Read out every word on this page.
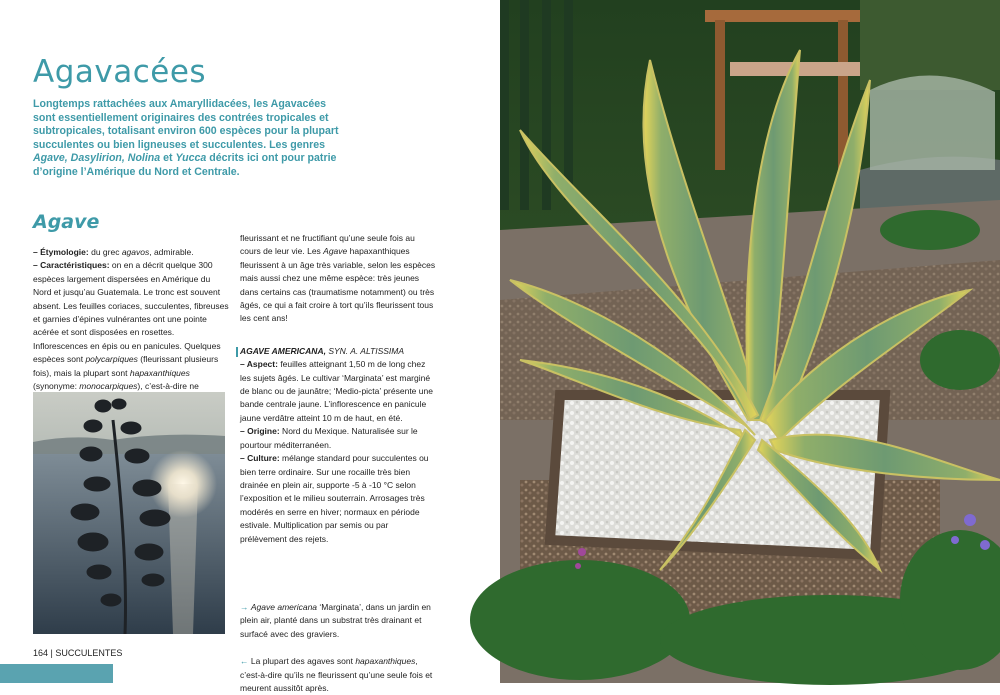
Agavacées

Longtemps rattachées aux Amaryllidacées, les Agavacées sont essentiellement originaires des contrées tropicales et subtropicales, totalisant environ 600 espèces pour la plupart succulentes ou bien ligneuses et succulentes. Les genres Agave, Dasylirion, Nolina et Yucca décrits ici ont pour patrie d’origine l’Amérique du Nord et Centrale.

Agave

– Étymologie: du grec agavos, admirable.

– Caractéristiques: on en a décrit quelque 300 espèces largement dispersées en Amérique du Nord et jusqu’au Guatemala. Le tronc est souvent absent. Les feuilles coriaces, succulentes, fibreuses et garnies d’épines vulnérantes ont une pointe acérée et sont disposées en rosettes. Inflorescences en épis ou en panicules. Quelques espèces sont polycarpiques (fleurissant plusieurs fois), mais la plupart sont hapaxanthiques (synonyme: monocarpiques), c’est-à-dire ne

fleurissant et ne fructifiant qu’une seule fois au cours de leur vie. Les Agave hapaxanthiques fleurissent à un âge très variable, selon les espèces mais aussi chez une même espèce: très jeunes dans certains cas (traumatisme notamment) ou très âgés, ce qui a fait croire à tort qu’ils fleurissent tous les cent ans!

AGAVE AMERICANA, SYN. A. ALTISSIMA

– Aspect: feuilles atteignant 1,50 m de long chez les sujets âgés. Le cultivar ‘Marginata’ est marginé de blanc ou de jaunâtre; ‘Medio-picta’ présente une bande centrale jaune. L’inflorescence en panicule jaune verdâtre atteint 10 m de haut, en été.

– Origine: Nord du Mexique. Naturalisée sur le pourtour méditerranéen.

– Culture: mélange standard pour succulentes ou bien terre ordinaire. Sur une rocaille très bien drainée en plein air, supporte -5 à -10 °C selon l’exposition et le milieu souterrain. Arrosages très modérés en serre en hiver; normaux en période estivale. Multiplication par semis ou par prélèvement des rejets.

→ Agave americana ‘Marginata’, dans un jardin en plein air, planté dans un substrat très drainant et surfacé avec des graviers.

← La plupart des agaves sont hapaxanthiques, c’est-à-dire qu’ils ne fleurissent qu’une seule fois et meurent aussitôt après.

164 | SUCCULENTES
